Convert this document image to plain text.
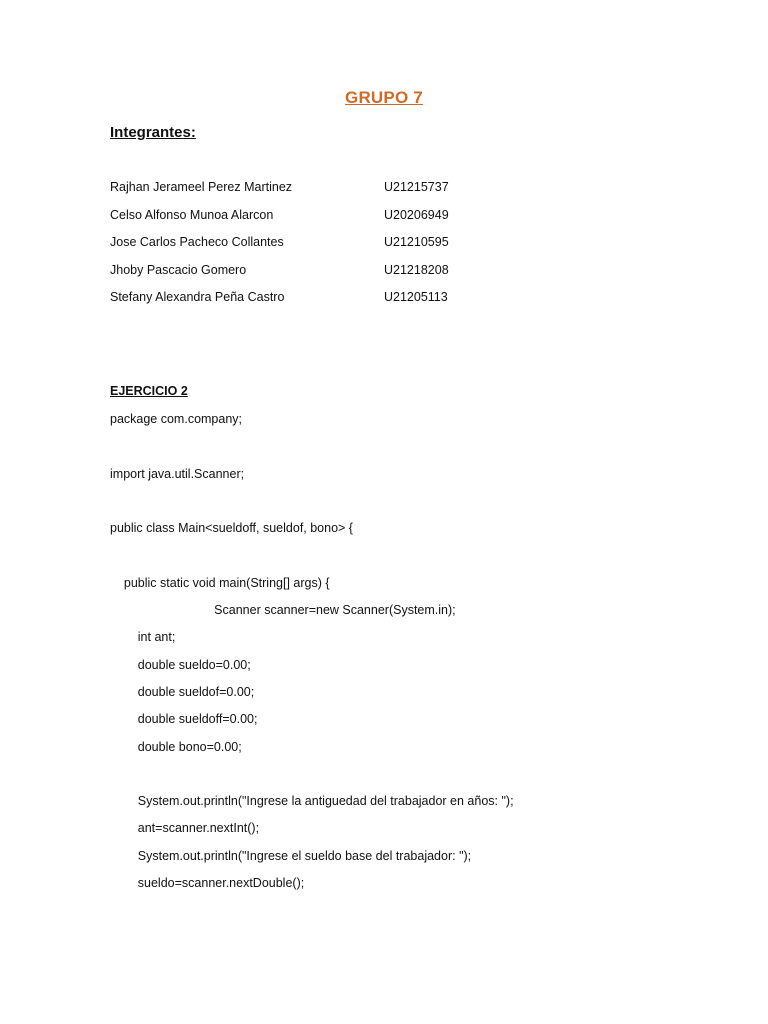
GRUPO 7
Integrantes:
Rajhan Jerameel Perez Martinez	U21215737
Celso Alfonso Munoa Alarcon	U20206949
Jose Carlos Pacheco Collantes	U21210595
Jhoby Pascacio Gomero	U21218208
Stefany Alexandra Peña Castro	U21205113
EJERCICIO 2
package com.company;
import java.util.Scanner;
public class Main<sueldoff, sueldof, bono> {
public static void main(String[] args) {
Scanner scanner=new Scanner(System.in);
int ant;
double sueldo=0.00;
double sueldof=0.00;
double sueldoff=0.00;
double bono=0.00;
System.out.println("Ingrese la antiguedad del trabajador en años: ");
ant=scanner.nextInt();
System.out.println("Ingrese el sueldo base del trabajador: ");
sueldo=scanner.nextDouble();
